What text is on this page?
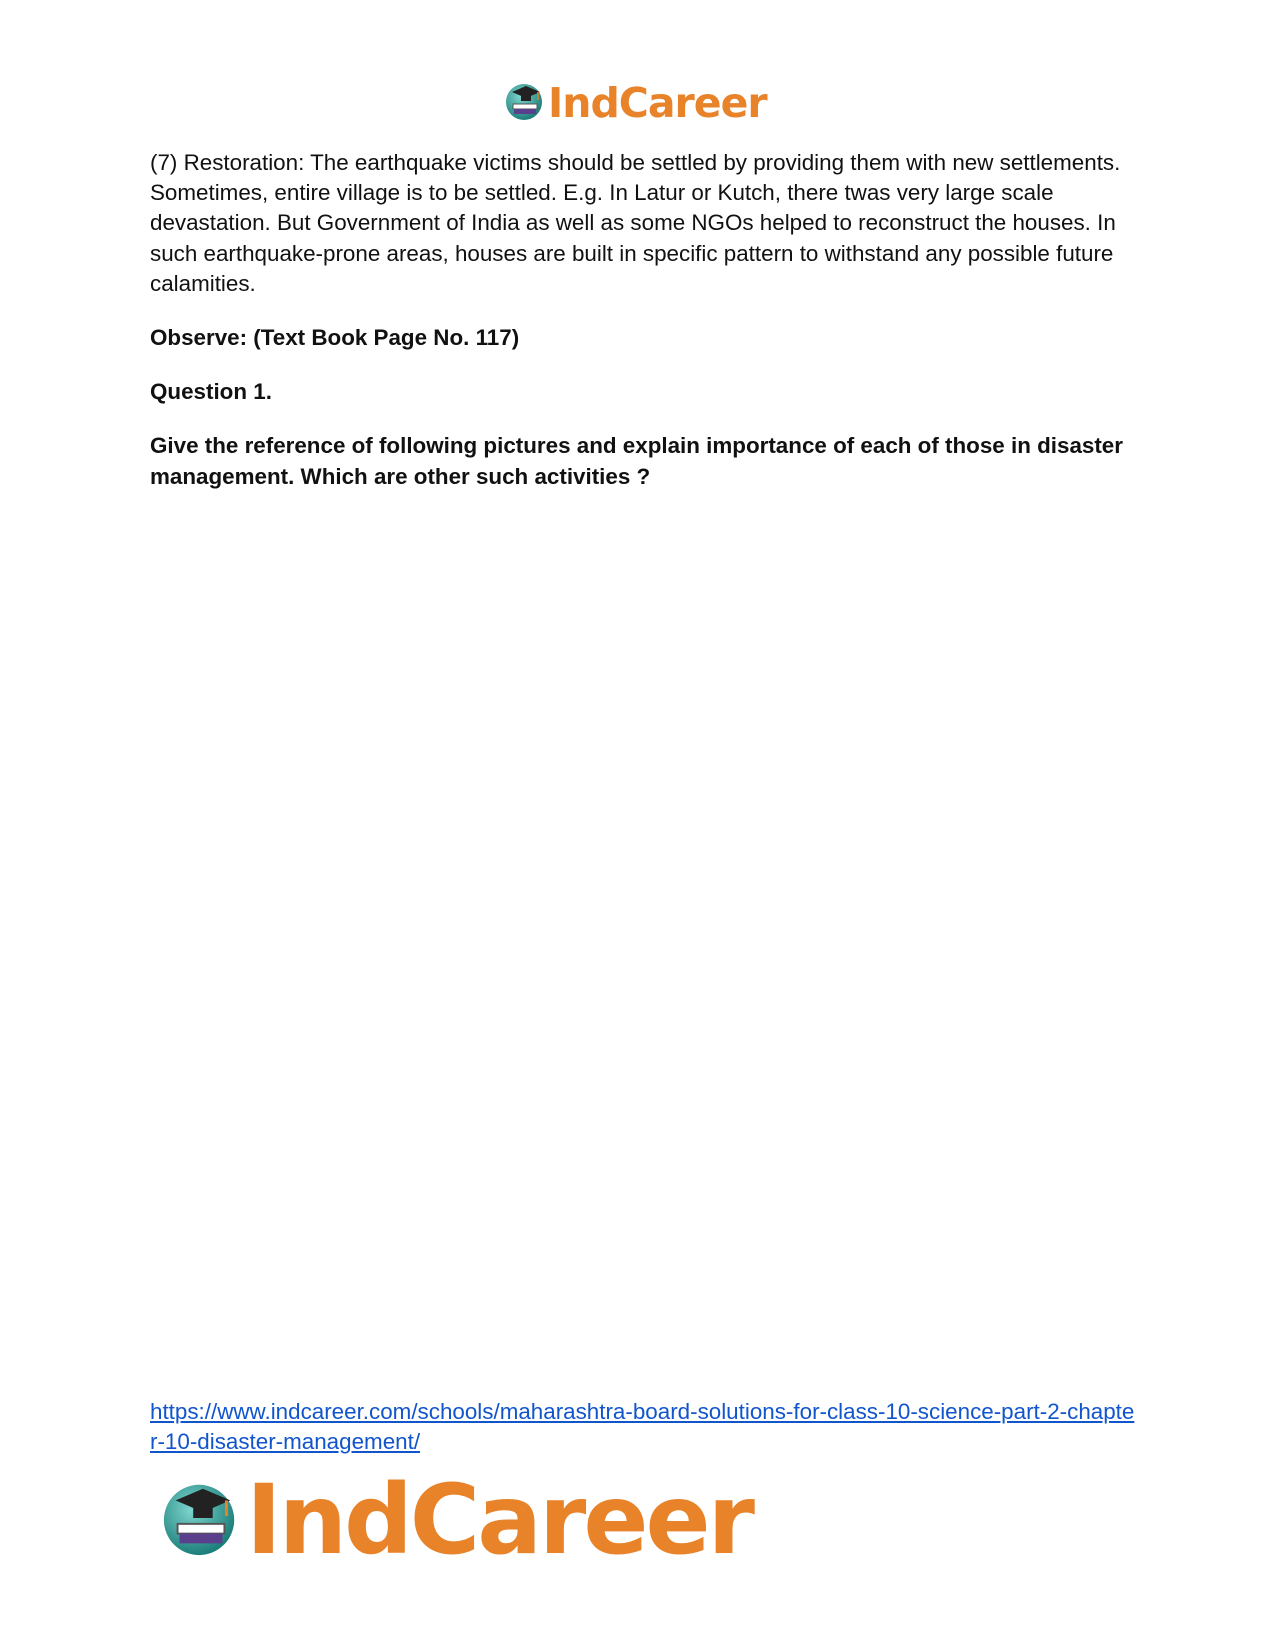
IndCareer

(7) Restoration: The earthquake victims should be settled by providing them with new settlements. Sometimes, entire village is to be settled. E.g. In Latur or Kutch, there twas very large scale devastation. But Government of India as well as some NGOs helped to reconstruct the houses. In such earthquake-prone areas, houses are built in specific pattern to withstand any possible future calamities.

Observe: (Text Book Page No. 117)

Question 1.

Give the reference of following pictures and explain importance of each of those in disaster management. Which are other such activities ?

https://www.indcareer.com/schools/maharashtra-board-solutions-for-class-10-science-part-2-chapter-10-disaster-management/
IndCareer
